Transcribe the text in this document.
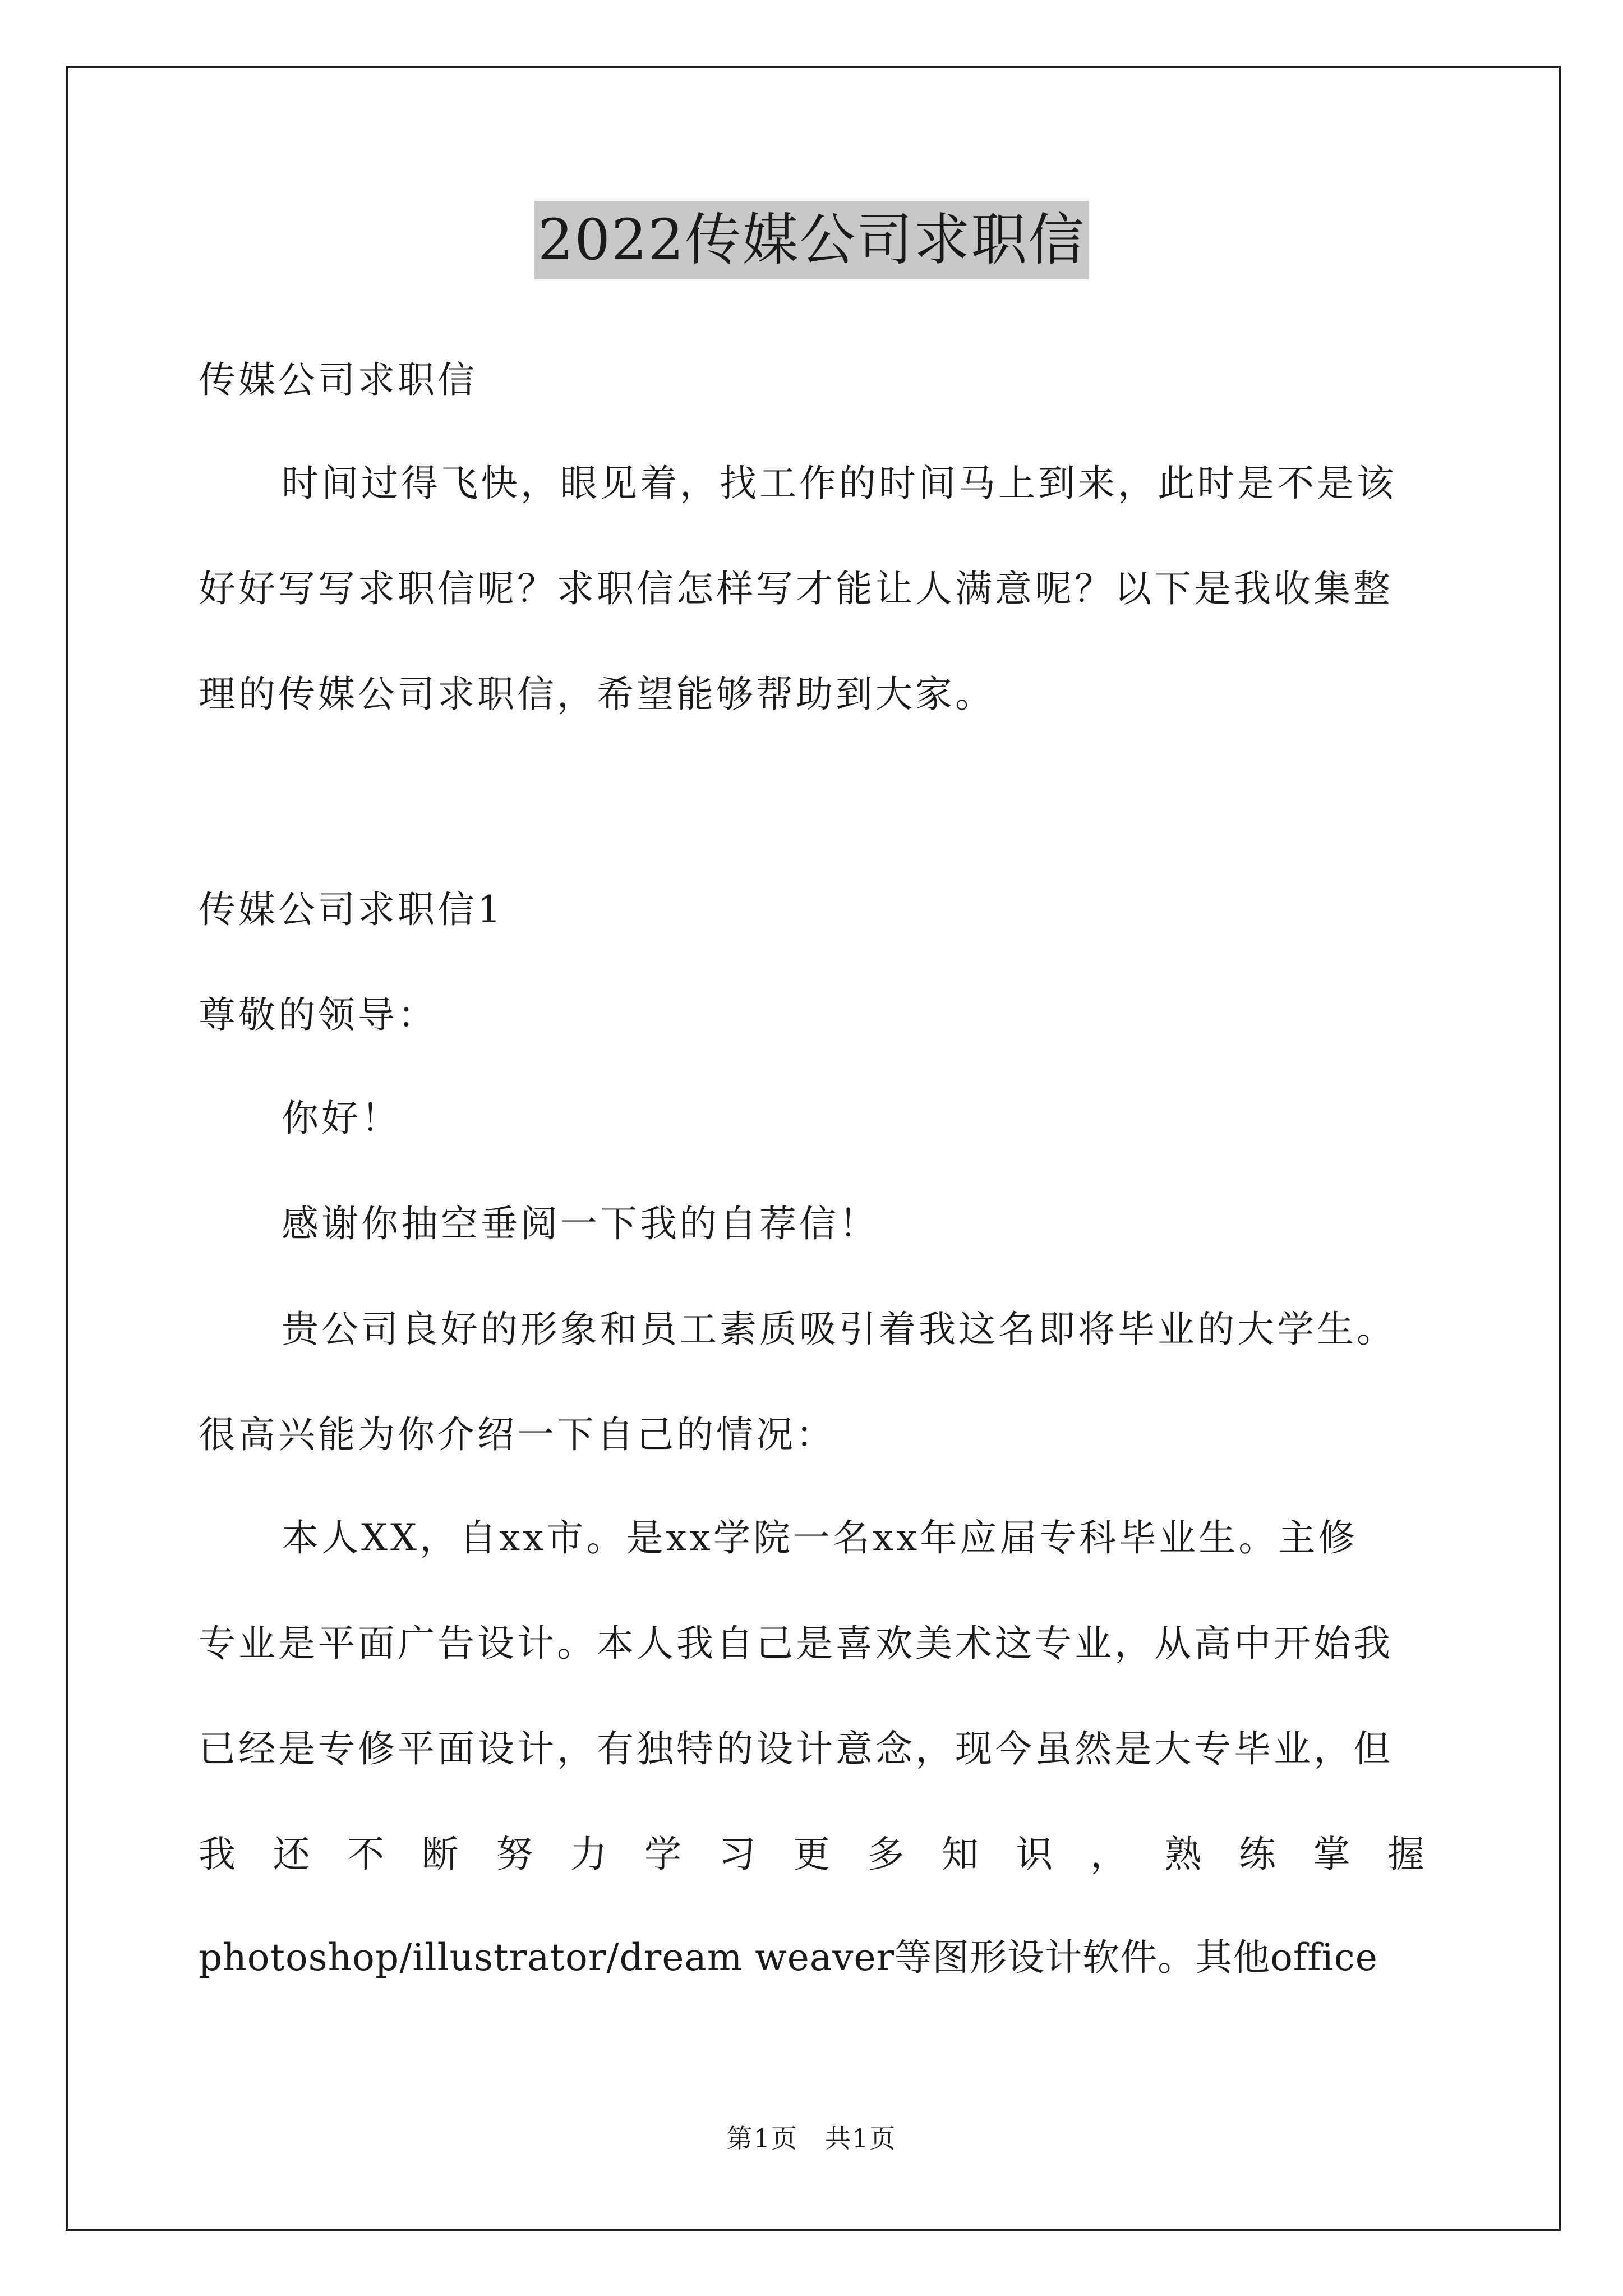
2022传媒公司求职信
传媒公司求职信
时间过得飞快，眼见着，找工作的时间马上到来，此时是不是该
好好写写求职信呢？求职信怎样写才能让人满意呢？以下是我收集整
理的传媒公司求职信，希望能够帮助到大家。
传媒公司求职信1
尊敬的领导：
你好！
感谢你抽空垂阅一下我的自荐信！
贵公司良好的形象和员工素质吸引着我这名即将毕业的大学生。
很高兴能为你介绍一下自己的情况：
本人XX，自xx市。是xx学院一名xx年应届专科毕业生。主修
专业是平面广告设计。本人我自己是喜欢美术这专业，从高中开始我
已经是专修平面设计，有独特的设计意念，现今虽然是大专毕业，但
我 还 不 断 努 力 学 习 更 多 知 识 ， 熟 练 掌 握
photoshop/illustrator/dream weaver等图形设计软件。其他office
第1页　共1页
